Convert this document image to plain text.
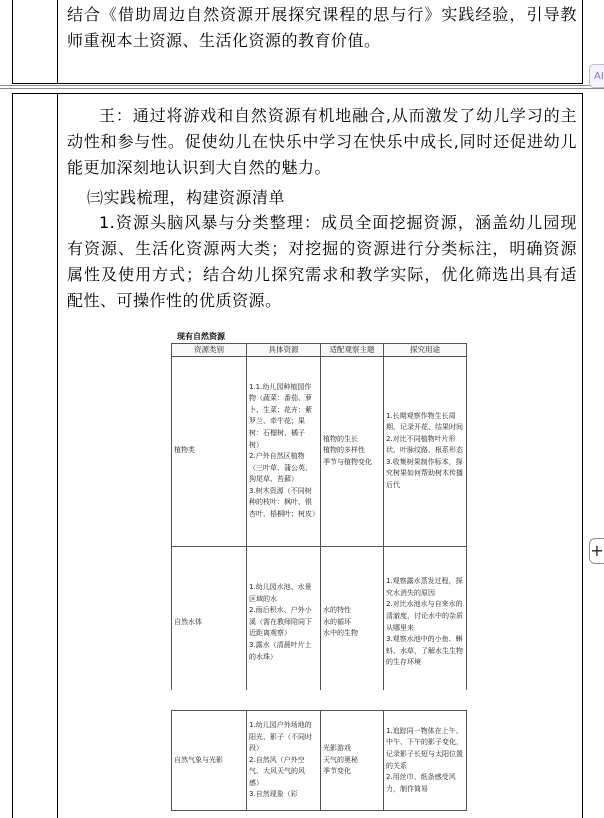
AI
+

结合《借助周边自然资源开展探究课程的思与行》实践经验，引导教师重视本土资源、生活化资源的教育价值。

王：通过将游戏和自然资源有机地融合,从而激发了幼儿学习的主动性和参与性。促使幼儿在快乐中学习在快乐中成长,同时还促进幼儿能更加深刻地认识到大自然的魅力。

㈢实践梳理，构建资源清单

1.资源头脑风暴与分类整理：成员全面挖掘资源，涵盖幼儿园现有资源、生活化资源两大类；对挖掘的资源进行分类标注，明确资源属性及使用方式；结合幼儿探究需求和教学实际，优化筛选出具有适配性、可操作性的优质资源。

现有自然资源
资源类别	具体资源	适配观察主题	探究用途
植物类	1.1.幼儿园种植园作物（蔬菜：番茄、萝卜、生菜；花卉：紫罗兰、牵牛花；果树：石榴树、橘子树）
2.户外自然区植物（三叶草、蒲公英、狗尾草、苔藓）
3.树木资源（不同树种的枝叶：枫叶、银杏叶、梧桐叶；树皮）	植物的生长
植物的多样性
季节与植物变化	1.长期观察作物生长周期，记录开花、结果时间
2.对比不同植物叶片形状、叶脉纹路、根系形态
3.收集树果制作标本，探究树果如何帮助树木传播后代
自然水体	1.幼儿园水池、水景区域的水
2.雨后积水、户外小溪（需在教师陪同下近距离观察）
3.露水（清晨叶片上的水珠）	水的特性
水的循环
水中的生物	1.观察露水蒸发过程，探究水消失的原因
2.对比水池水与自来水的清澈度，讨论水中的杂质从哪里来
3.观察水池中的小鱼、蝌蚪、水草，了解水生生物的生存环境
自然气象与光影	1.幼儿园户外场地的阳光、影子（不同时段）
2.自然风（户外空气、大风天气的风感）
3.自然现象（彩	光影游戏
天气的奥秘
季节变化	1.追踪同一物体在上午、中午、下午的影子变化，记录影子长短与太阳位置的关系
2.用丝巾、纸条感受风力，制作简易
